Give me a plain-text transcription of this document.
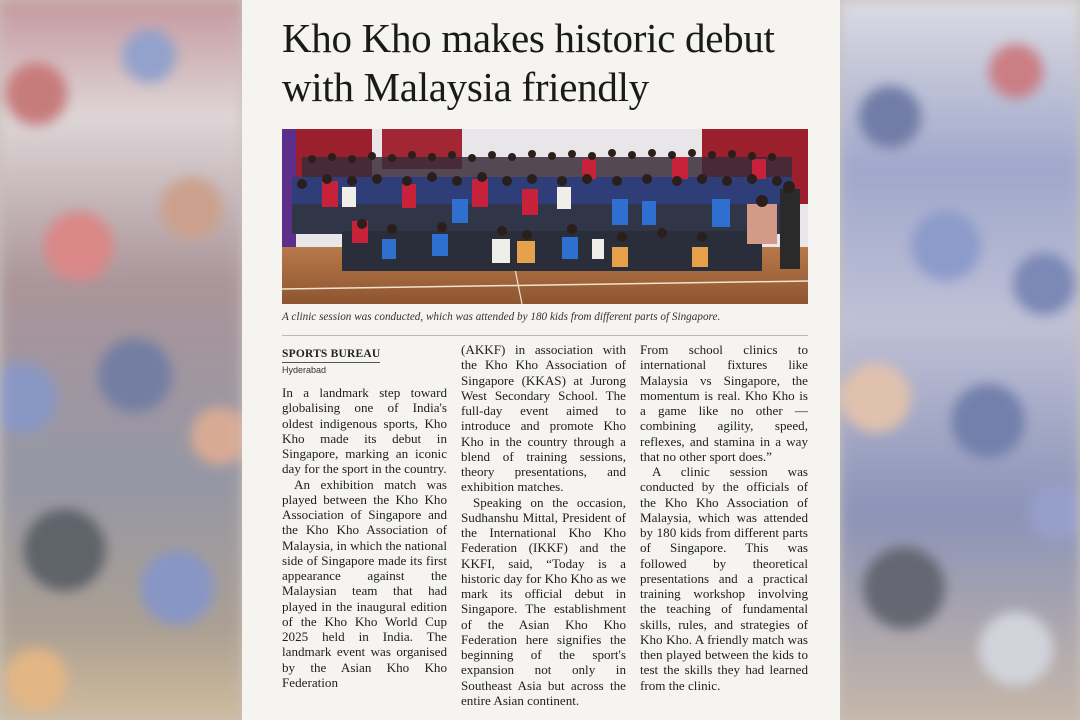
Kho Kho makes historic debut with Malaysia friendly
A clinic session was conducted, which was attended by 180 kids from different parts of Singapore.
SPORTS BUREAU
Hyderabad

In a landmark step toward globalising one of India's oldest indigenous sports, Kho Kho made its debut in Singapore, marking an iconic day for the sport in the country.

An exhibition match was played between the Kho Kho Association of Singapore and the Kho Kho Association of Malaysia, in which the national side of Singapore made its first appearance against the Malaysian team that had played in the inaugural edition of the Kho Kho World Cup 2025 held in India. The landmark event was organised by the Asian Kho Kho Federation

(AKKF) in association with the Kho Kho Association of Singapore (KKAS) at Jurong West Secondary School. The full-day event aimed to introduce and promote Kho Kho in the country through a blend of training sessions, theory presentations, and exhibition matches.

Speaking on the occasion, Sudhanshu Mittal, President of the International Kho Kho Federation (IKKF) and the KKFI, said, “Today is a historic day for Kho Kho as we mark its official debut in Singapore. The establishment of the Asian Kho Kho Federation here signifies the beginning of the sport's expansion not only in Southeast Asia but across the entire Asian continent.

From school clinics to international fixtures like Malaysia vs Singapore, the momentum is real. Kho Kho is a game like no other — combining agility, speed, reflexes, and stamina in a way that no other sport does.”

A clinic session was conducted by the officials of the Kho Kho Association of Malaysia, which was attended by 180 kids from different parts of Singapore. This was followed by theoretical presentations and a practical training workshop involving the teaching of fundamental skills, rules, and strategies of Kho Kho. A friendly match was then played between the kids to test the skills they had learned from the clinic.
